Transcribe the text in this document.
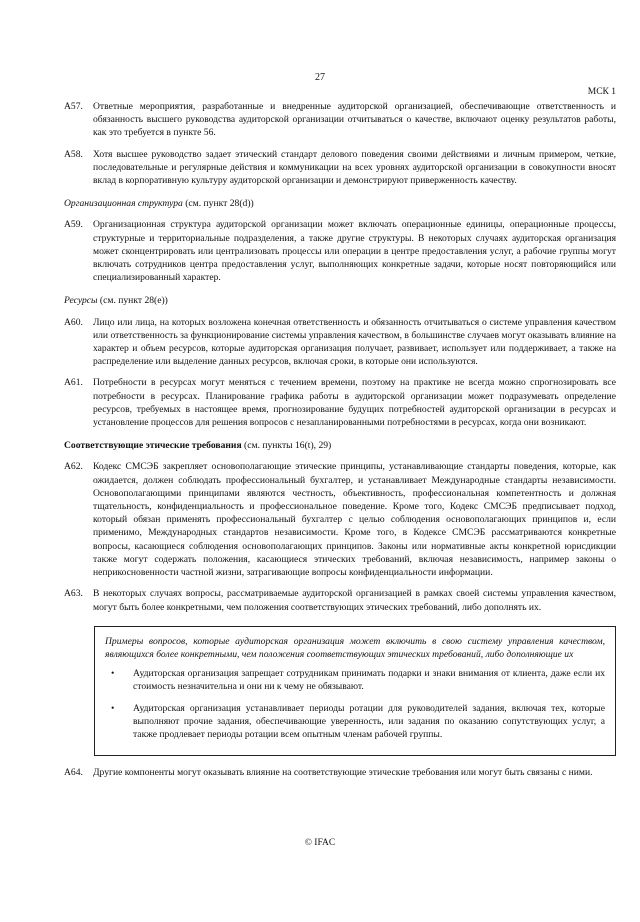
27
МСК 1
A57. Ответные мероприятия, разработанные и внедренные аудиторской организацией, обеспечивающие ответственность и обязанность высшего руководства аудиторской организации отчитываться о качестве, включают оценку результатов работы, как это требуется в пункте 56.
A58. Хотя высшее руководство задает этический стандарт делового поведения своими действиями и личным примером, четкие, последовательные и регулярные действия и коммуникации на всех уровнях аудиторской организации в совокупности вносят вклад в корпоративную культуру аудиторской организации и демонстрируют приверженность качеству.
Организационная структура (см. пункт 28(d))
A59. Организационная структура аудиторской организации может включать операционные единицы, операционные процессы, структурные и территориальные подразделения, а также другие структуры. В некоторых случаях аудиторская организация может сконцентрировать или централизовать процессы или операции в центре предоставления услуг, а рабочие группы могут включать сотрудников центра предоставления услуг, выполняющих конкретные задачи, которые носят повторяющийся или специализированный характер.
Ресурсы (см. пункт 28(e))
A60. Лицо или лица, на которых возложена конечная ответственность и обязанность отчитываться о системе управления качеством или ответственность за функционирование системы управления качеством, в большинстве случаев могут оказывать влияние на характер и объем ресурсов, которые аудиторская организация получает, развивает, использует или поддерживает, а также на распределение или выделение данных ресурсов, включая сроки, в которые они используются.
A61. Потребности в ресурсах могут меняться с течением времени, поэтому на практике не всегда можно спрогнозировать все потребности в ресурсах. Планирование графика работы в аудиторской организации может подразумевать определение ресурсов, требуемых в настоящее время, прогнозирование будущих потребностей аудиторской организации в ресурсах и установление процессов для решения вопросов с незапланированными потребностями в ресурсах, когда они возникают.
Соответствующие этические требования (см. пункты 16(t), 29)
A62. Кодекс СМСЭБ закрепляет основополагающие этические принципы, устанавливающие стандарты поведения, которые, как ожидается, должен соблюдать профессиональный бухгалтер, и устанавливает Международные стандарты независимости. Основополагающими принципами являются честность, объективность, профессиональная компетентность и должная тщательность, конфиденциальность и профессиональное поведение. Кроме того, Кодекс СМСЭБ предписывает подход, который обязан применять профессиональный бухгалтер с целью соблюдения основополагающих принципов и, если применимо, Международных стандартов независимости. Кроме того, в Кодексе СМСЭБ рассматриваются конкретные вопросы, касающиеся соблюдения основополагающих принципов. Законы или нормативные акты конкретной юрисдикции также могут содержать положения, касающиеся этических требований, включая независимость, например законы о неприкосновенности частной жизни, затрагивающие вопросы конфиденциальности информации.
A63. В некоторых случаях вопросы, рассматриваемые аудиторской организацией в рамках своей системы управления качеством, могут быть более конкретными, чем положения соответствующих этических требований, либо дополнять их.
Примеры вопросов, которые аудиторская организация может включить в свою систему управления качеством, являющихся более конкретными, чем положения соответствующих этических требований, либо дополняющие их
• Аудиторская организация запрещает сотрудникам принимать подарки и знаки внимания от клиента, даже если их стоимость незначительна и они ни к чему не обязывают.
• Аудиторская организация устанавливает периоды ротации для руководителей задания, включая тех, которые выполняют прочие задания, обеспечивающие уверенность, или задания по оказанию сопутствующих услуг, а также продлевает периоды ротации всем опытным членам рабочей группы.
A64. Другие компоненты могут оказывать влияние на соответствующие этические требования или могут быть связаны с ними.
© IFAC
